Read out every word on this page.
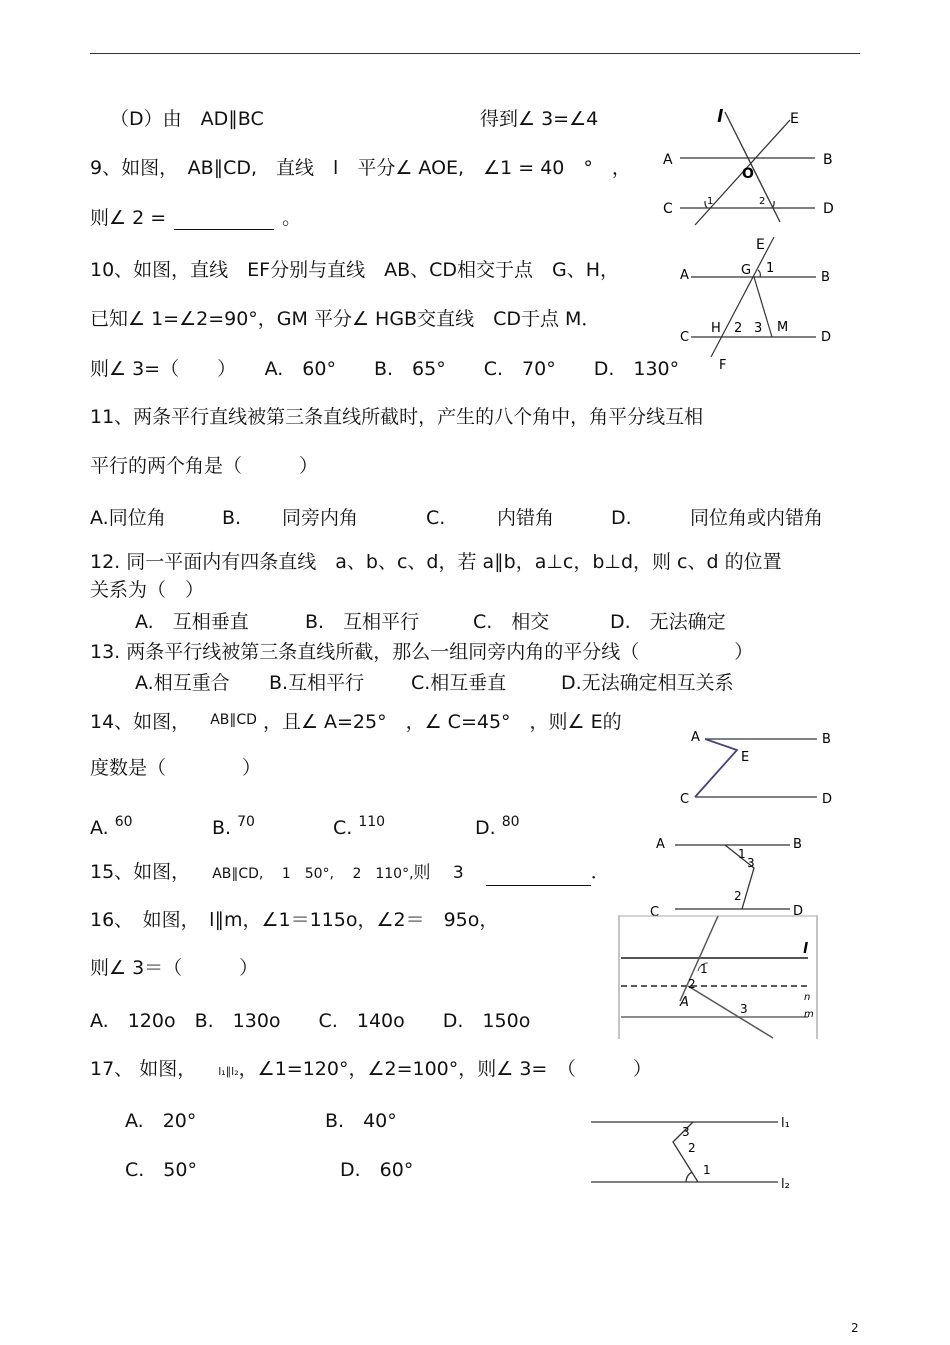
（D）由　AD∥BC	得到∠ 3=∠4
9、如图，　AB∥CD,　直线　l　平分∠ AOE,　∠1 = 40　°　，
则∠ 2 =	。
10、如图，直线　EF分别与直线　AB、CD相交于点　G、H，
已知∠ 1=∠2=90°，GM 平分∠ HGB交直线　CD于点 M．
则∠ 3=（　　）　　A.　60°　　B.　65°　　C.　70°　　D.　130°
11、两条平行直线被第三条直线所截时，产生的八个角中，角平分线互相
平行的两个角是（　　　）
A.同位角	B. 同旁内角	C.	内错角	D.	同位角或内错角
12. 同一平面内有四条直线　a、b、c、d，若 a∥b，a⊥c，b⊥d，则 c、d 的位置
关系为（　）
A.　互相垂直	B.　互相平行	C.　相交	D.　无法确定
13. 两条平行线被第三条直线所截，那么一组同旁内角的平分线（　　　　　）
A.相互重合 B.互相平行 C.相互垂直	D.无法确定相互关系
14、如图， $^{AB\parallel CD}$ ，且∠ A=25°　，∠ C=45°　，则∠ E的
度数是（　　　　）
A. $^{60}$	B. $^{70}$	C. $^{110}$	D. $^{80}$
15、如图， AB∥CD,　 1　50°,　 2　110°,则　 3	．
16、　如图，　l∥m，∠1＝115o，∠2＝　95o，
则∠ 3＝（　　　）
A.　120o　B.　130o　　C.　140o　　D.　150o
17、 如图， l₁∥l₂，∠1=120°，∠2=100°，则∠ 3=　（　　　）
A.　20°	B.　40°
C.　50°	D.　60°
l	E
A	B
O
C	D
1	2
E
A	G 1
B
C
H 2 3 M
D
F
A	B
E
C	D
A	B
1
3
2
C	D
l
n
m
A
1
2
3
l₁
l₂
3
2
1
2
